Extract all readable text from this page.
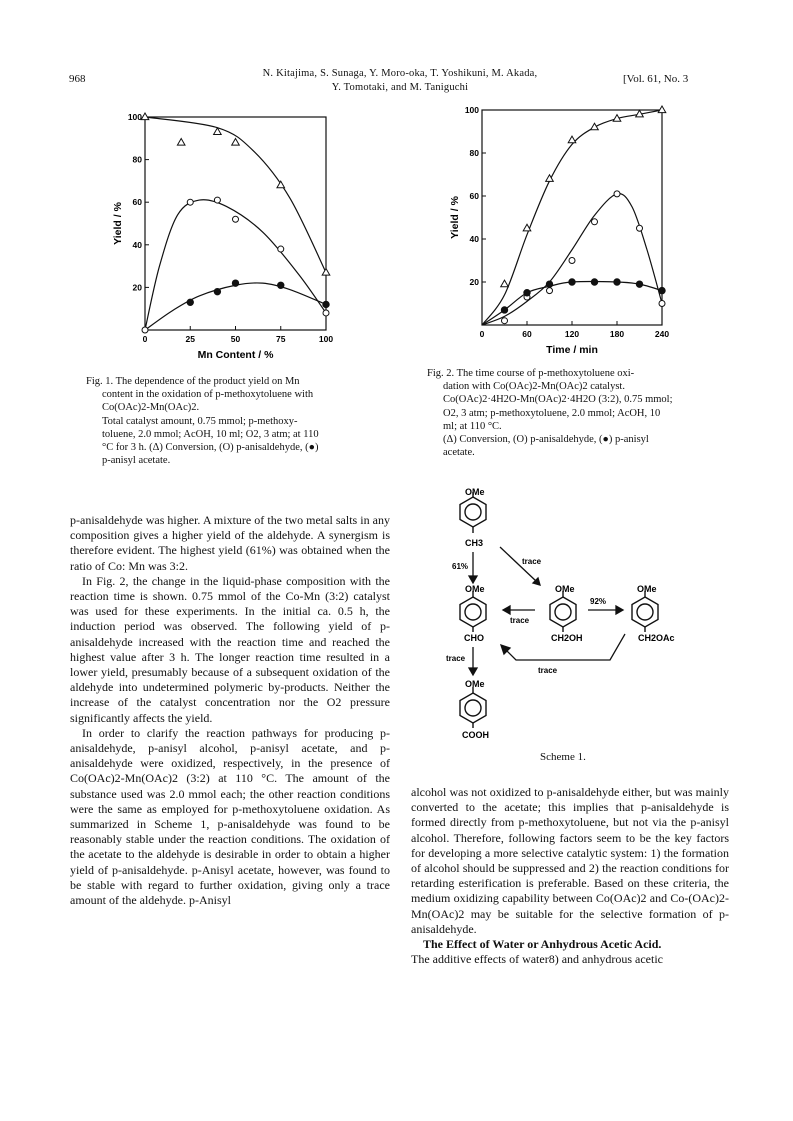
968	N. Kitajima, S. Sunaga, Y. Moro-oka, T. Yoshikuni, M. Akada,
Y. Tomotaki, and M. Taniguchi
[Vol. 61, No. 3
0	25	50	75	100
20
40
60
80
100
Mn Content / %
Yield / %

Fig. 1. The dependence of the product yield on Mn

content in the oxidation of p-methoxytoluene with

Co(OAc)2-Mn(OAc)2.

Total catalyst amount, 0.75 mmol; p-methoxy-

toluene, 2.0 mmol; AcOH, 10 ml; O2, 3 atm; at 110

°C for 3 h. (Δ) Conversion, (O) p-anisaldehyde, (●)

p-anisyl acetate.

0	60	120	180	240
20
40
60
80
100
Time / min
Yield / %

Fig. 2. The time course of p-methoxytoluene oxi-

dation with Co(OAc)2-Mn(OAc)2 catalyst.

Co(OAc)2·4H2O-Mn(OAc)2·4H2O (3:2), 0.75 mmol;

O2, 3 atm; p-methoxytoluene, 2.0 mmol; AcOH, 10

ml; at 110 °C.

(Δ) Conversion, (O) p-anisaldehyde, (●) p-anisyl

acetate.

OMe
CH3
61%
trace
OMe	OMe	OMe
trace
92%
CHO	CH2OH	CH2OAc
trace
trace
OMe
COOH
Scheme 1.

p-anisaldehyde was higher. A mixture of the two metal salts in any composition gives a higher yield of the aldehyde. A synergism is therefore evident. The highest yield (61%) was obtained when the ratio of Co: Mn was 3:2.

In Fig. 2, the change in the liquid-phase composition with the reaction time is shown. 0.75 mmol of the Co-Mn (3:2) catalyst was used for these experiments. In the initial ca. 0.5 h, the induction period was observed. The following yield of p-anisaldehyde increased with the reaction time and reached the highest value after 3 h. The longer reaction time resulted in a lower yield, presumably because of a subsequent oxidation of the aldehyde into undetermined polymeric by-products. Neither the increase of the catalyst concentration nor the O2 pressure significantly affects the yield.

In order to clarify the reaction pathways for producing p-anisaldehyde, p-anisyl alcohol, p-anisyl acetate, and p-anisaldehyde were oxidized, respectively, in the presence of Co(OAc)2-Mn(OAc)2 (3:2) at 110 °C. The amount of the substance used was 2.0 mmol each; the other reaction conditions were the same as employed for p-methoxytoluene oxidation. As summarized in Scheme 1, p-anisaldehyde was found to be reasonably stable under the reaction conditions. The oxidation of the acetate to the aldehyde is desirable in order to obtain a higher yield of p-anisaldehyde. p-Anisyl acetate, however, was found to be stable with regard to further oxidation, giving only a trace amount of the aldehyde. p-Anisyl

alcohol was not oxidized to p-anisaldehyde either, but was mainly converted to the acetate; this implies that p-anisaldehyde is formed directly from p-methoxytoluene, but not via the p-anisyl alcohol. Therefore, following factors seem to be the key factors for developing a more selective catalytic system: 1) the formation of alcohol should be suppressed and 2) the reaction conditions for retarding esterification is preferable. Based on these criteria, the medium oxidizing capability between Co(OAc)2 and Co-(OAc)2-Mn(OAc)2 may be suitable for the selective formation of p-anisaldehyde.

The Effect of Water or Anhydrous Acetic Acid.

The additive effects of water8) and anhydrous acetic
